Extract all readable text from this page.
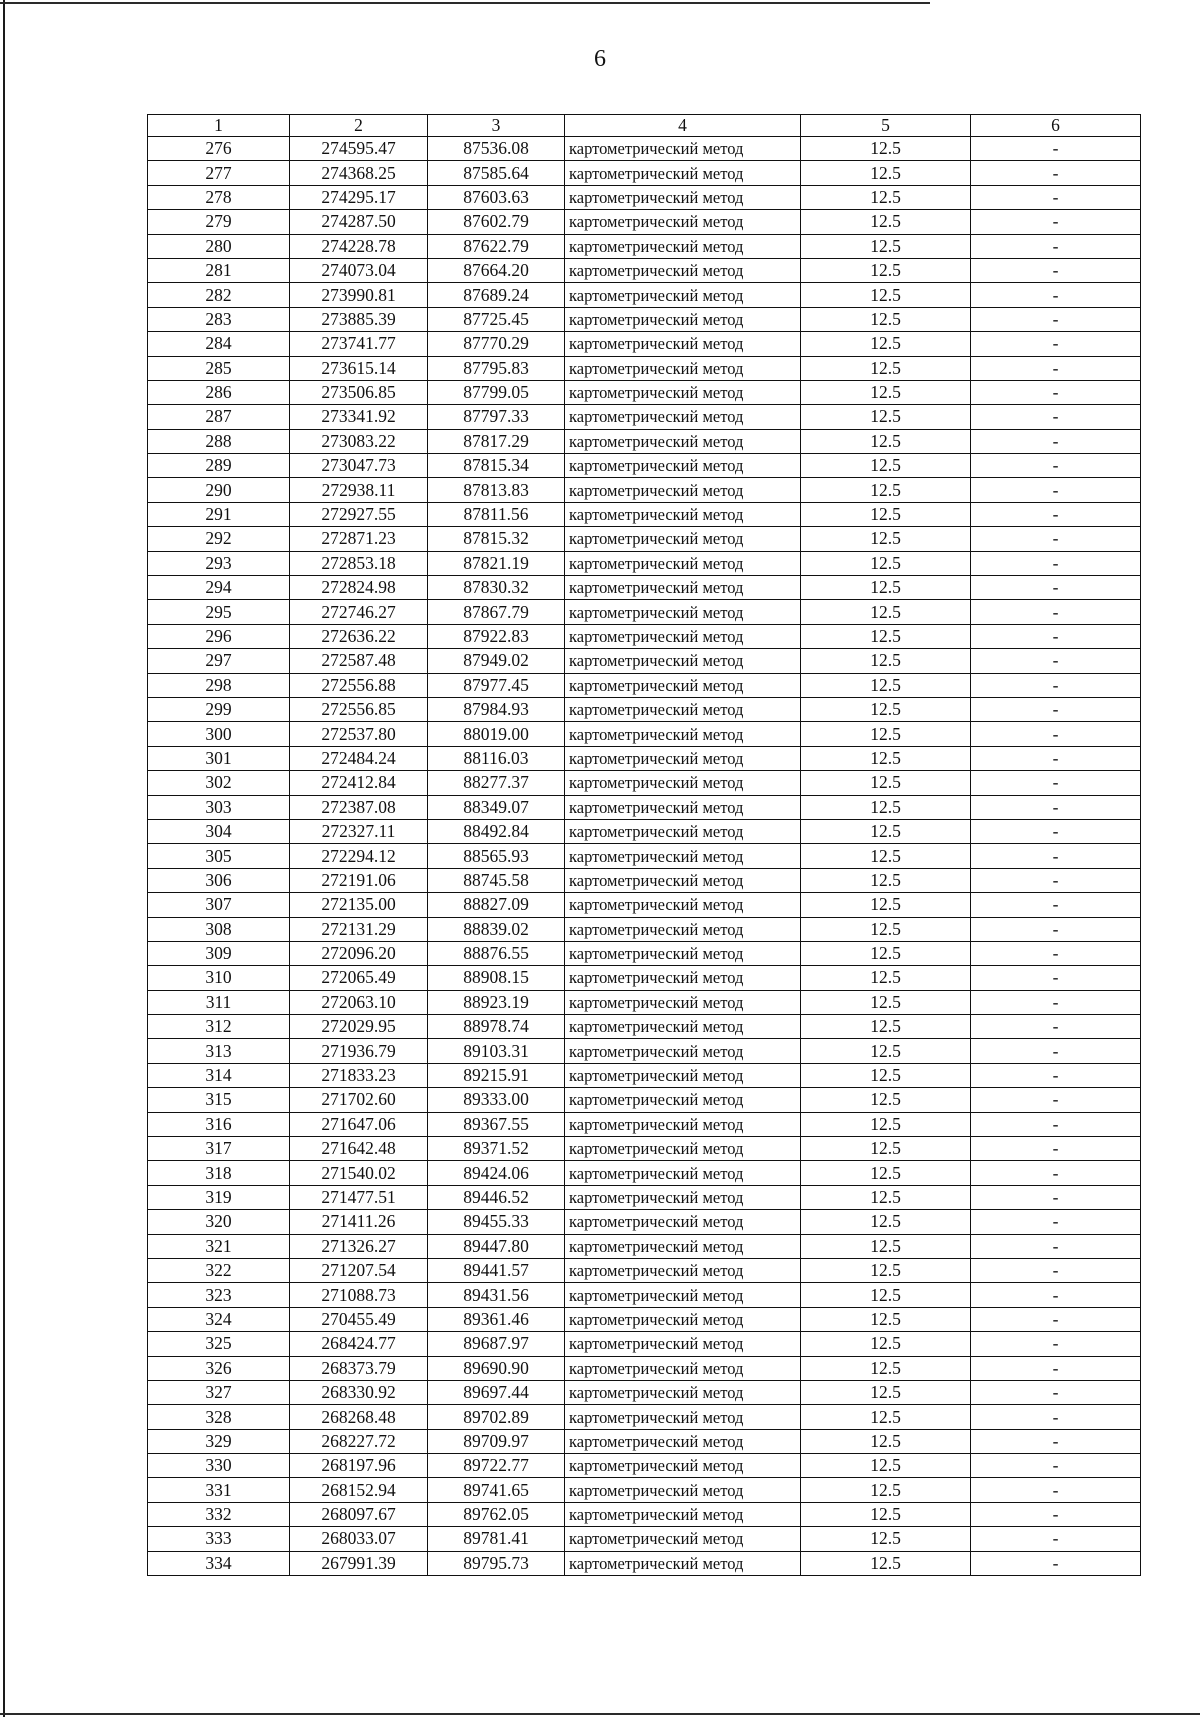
6
1	2	3	4	5	6
276	274595.47	87536.08	картометрический метод	12.5	-
277	274368.25	87585.64	картометрический метод	12.5	-
278	274295.17	87603.63	картометрический метод	12.5	-
279	274287.50	87602.79	картометрический метод	12.5	-
280	274228.78	87622.79	картометрический метод	12.5	-
281	274073.04	87664.20	картометрический метод	12.5	-
282	273990.81	87689.24	картометрический метод	12.5	-
283	273885.39	87725.45	картометрический метод	12.5	-
284	273741.77	87770.29	картометрический метод	12.5	-
285	273615.14	87795.83	картометрический метод	12.5	-
286	273506.85	87799.05	картометрический метод	12.5	-
287	273341.92	87797.33	картометрический метод	12.5	-
288	273083.22	87817.29	картометрический метод	12.5	-
289	273047.73	87815.34	картометрический метод	12.5	-
290	272938.11	87813.83	картометрический метод	12.5	-
291	272927.55	87811.56	картометрический метод	12.5	-
292	272871.23	87815.32	картометрический метод	12.5	-
293	272853.18	87821.19	картометрический метод	12.5	-
294	272824.98	87830.32	картометрический метод	12.5	-
295	272746.27	87867.79	картометрический метод	12.5	-
296	272636.22	87922.83	картометрический метод	12.5	-
297	272587.48	87949.02	картометрический метод	12.5	-
298	272556.88	87977.45	картометрический метод	12.5	-
299	272556.85	87984.93	картометрический метод	12.5	-
300	272537.80	88019.00	картометрический метод	12.5	-
301	272484.24	88116.03	картометрический метод	12.5	-
302	272412.84	88277.37	картометрический метод	12.5	-
303	272387.08	88349.07	картометрический метод	12.5	-
304	272327.11	88492.84	картометрический метод	12.5	-
305	272294.12	88565.93	картометрический метод	12.5	-
306	272191.06	88745.58	картометрический метод	12.5	-
307	272135.00	88827.09	картометрический метод	12.5	-
308	272131.29	88839.02	картометрический метод	12.5	-
309	272096.20	88876.55	картометрический метод	12.5	-
310	272065.49	88908.15	картометрический метод	12.5	-
311	272063.10	88923.19	картометрический метод	12.5	-
312	272029.95	88978.74	картометрический метод	12.5	-
313	271936.79	89103.31	картометрический метод	12.5	-
314	271833.23	89215.91	картометрический метод	12.5	-
315	271702.60	89333.00	картометрический метод	12.5	-
316	271647.06	89367.55	картометрический метод	12.5	-
317	271642.48	89371.52	картометрический метод	12.5	-
318	271540.02	89424.06	картометрический метод	12.5	-
319	271477.51	89446.52	картометрический метод	12.5	-
320	271411.26	89455.33	картометрический метод	12.5	-
321	271326.27	89447.80	картометрический метод	12.5	-
322	271207.54	89441.57	картометрический метод	12.5	-
323	271088.73	89431.56	картометрический метод	12.5	-
324	270455.49	89361.46	картометрический метод	12.5	-
325	268424.77	89687.97	картометрический метод	12.5	-
326	268373.79	89690.90	картометрический метод	12.5	-
327	268330.92	89697.44	картометрический метод	12.5	-
328	268268.48	89702.89	картометрический метод	12.5	-
329	268227.72	89709.97	картометрический метод	12.5	-
330	268197.96	89722.77	картометрический метод	12.5	-
331	268152.94	89741.65	картометрический метод	12.5	-
332	268097.67	89762.05	картометрический метод	12.5	-
333	268033.07	89781.41	картометрический метод	12.5	-
334	267991.39	89795.73	картометрический метод	12.5	-
